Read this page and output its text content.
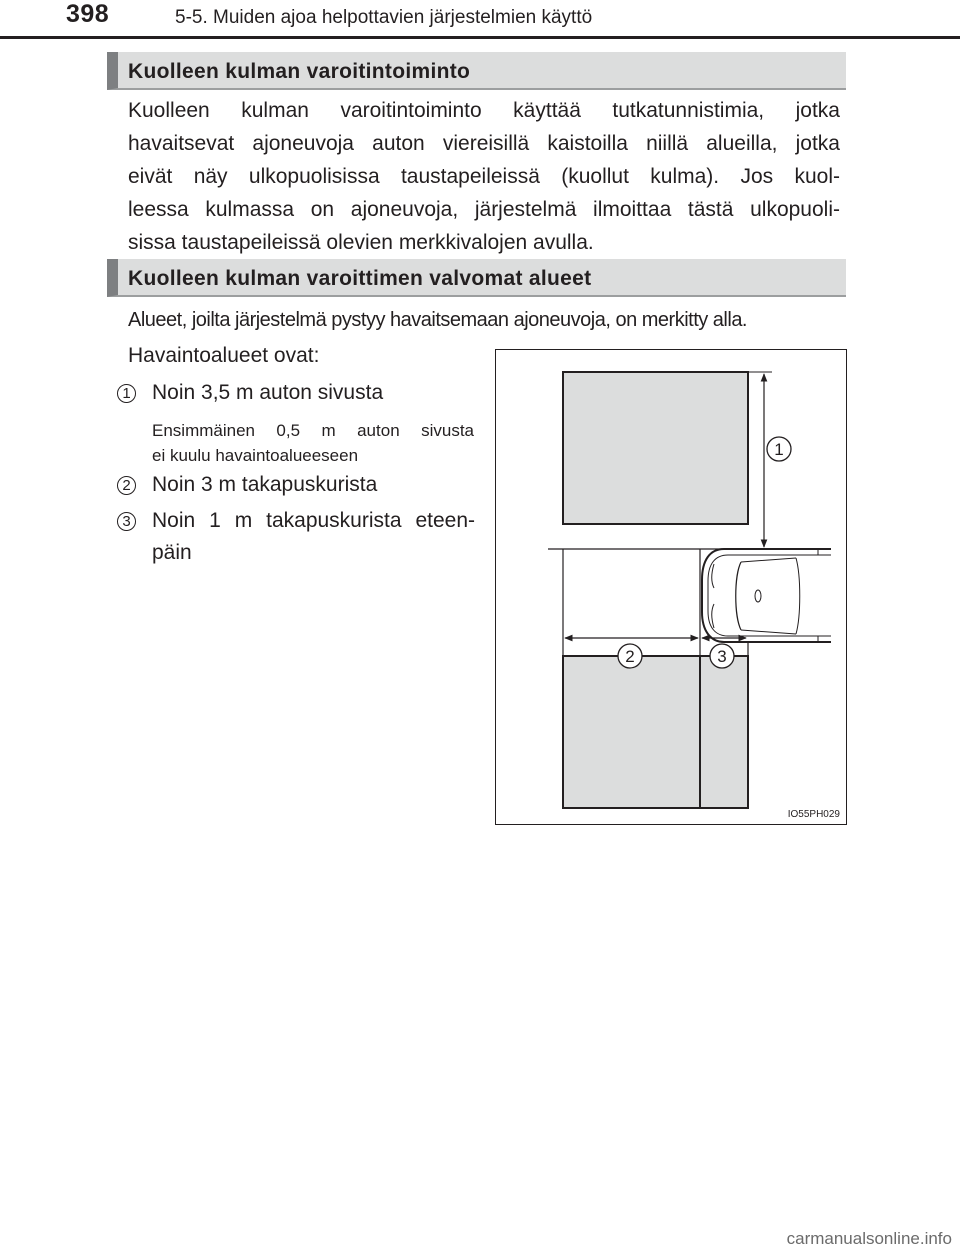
398	5-5. Muiden ajoa helpottavien järjestelmien käyttö
Kuolleen kulman varoitintoiminto
Kuolleen kulman varoitintoiminto käyttää tutkatunnistimia, jotka
havaitsevat ajoneuvoja auton viereisillä kaistoilla niillä alueilla, jotka
eivät näy ulkopuolisissa taustapeileissä (kuollut kulma). Jos kuol-
leessa kulmassa on ajoneuvoja, järjestelmä ilmoittaa tästä ulkopuoli-
sissa taustapeileissä olevien merkkivalojen avulla.
Kuolleen kulman varoittimen valvomat alueet
Alueet, joilta järjestelmä pystyy havaitsemaan ajoneuvoja, on merkitty alla.
Havaintoalueet ovat:
1 Noin 3,5 m auton sivusta
Ensimmäinen 0,5 m auton sivusta
ei kuulu havaintoalueeseen
2 Noin 3 m takapuskurista
3 Noin 1 m takapuskurista eteen-
päin
1
2	3
IO55PH029
carmanualsonline.info
